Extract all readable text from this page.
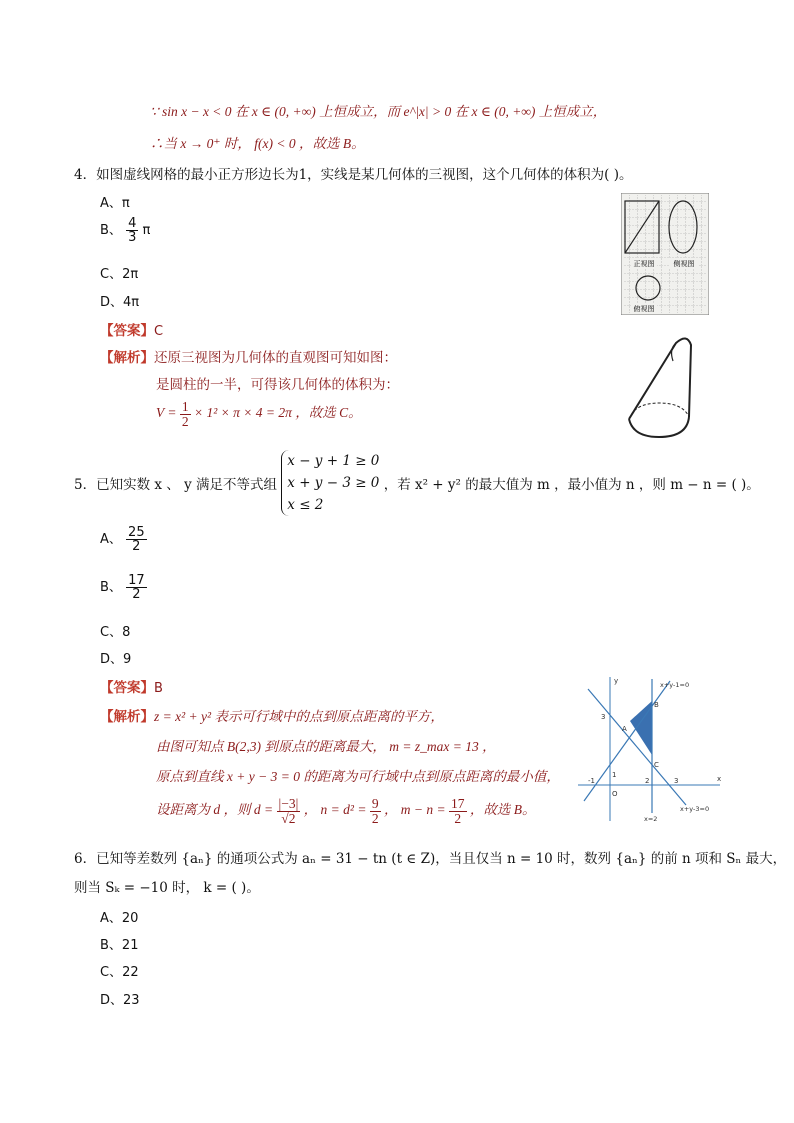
∵ sin x − x < 0 在 x ∈ (0, +∞) 上恒成立，而 e^|x| > 0 在 x ∈ (0, +∞) 上恒成立，
∴当 x → 0⁺ 时， f(x) < 0 ，故选 B。
4．如图虚线网格的最小正方形边长为1，实线是某几何体的三视图，这个几何体的体积为( )。
A、π
B、 $\frac{4}{3}$ π
C、2π
D、4π
【答案】C
【解析】还原三视图为几何体的直观图可知如图：
是圆柱的一半，可得该几何体的体积为：
$V = \frac{1}{2} \times 1^2 \times \pi \times 4 = 2\pi$ ，故选 C。
正视图	侧视图
俯视图
5．已知实数 x 、 y 满足不等式组
x − y + 1 ≥ 0
x + y − 3 ≥ 0
x ≤ 2
，若 x² + y² 的最大值为 m ，最小值为 n ，则 m − n = ( )。
A、 $\frac{25}{2}$
B、 $\frac{17}{2}$
C、8
D、9
【答案】B
【解析】z = x² + y² 表示可行域中的点到原点距离的平方，
由图可知点 B(2,3) 到原点的距离最大， m = z_max = 13 ，
原点到直线 x + y − 3 = 0 的距离为可行域中点到原点距离的最小值，
设距离为 d ，则 $d = \frac{|-3|}{√2}$ ， $n = d^2 = \frac{9}{2}$ ， $m - n = \frac{17}{2}$ ，故选 B。
x
y	x+y-1=0
x+y-3=0
x=2
B
A
C
O
3
1
-1	2	3
6．已知等差数列 {aₙ} 的通项公式为 aₙ = 31 − tn (t ∈ Z)，当且仅当 n = 10 时，数列 {aₙ} 的前 n 项和 Sₙ 最大，
则当 Sₖ = −10 时， k = ( )。
A、20
B、21
C、22
D、23
